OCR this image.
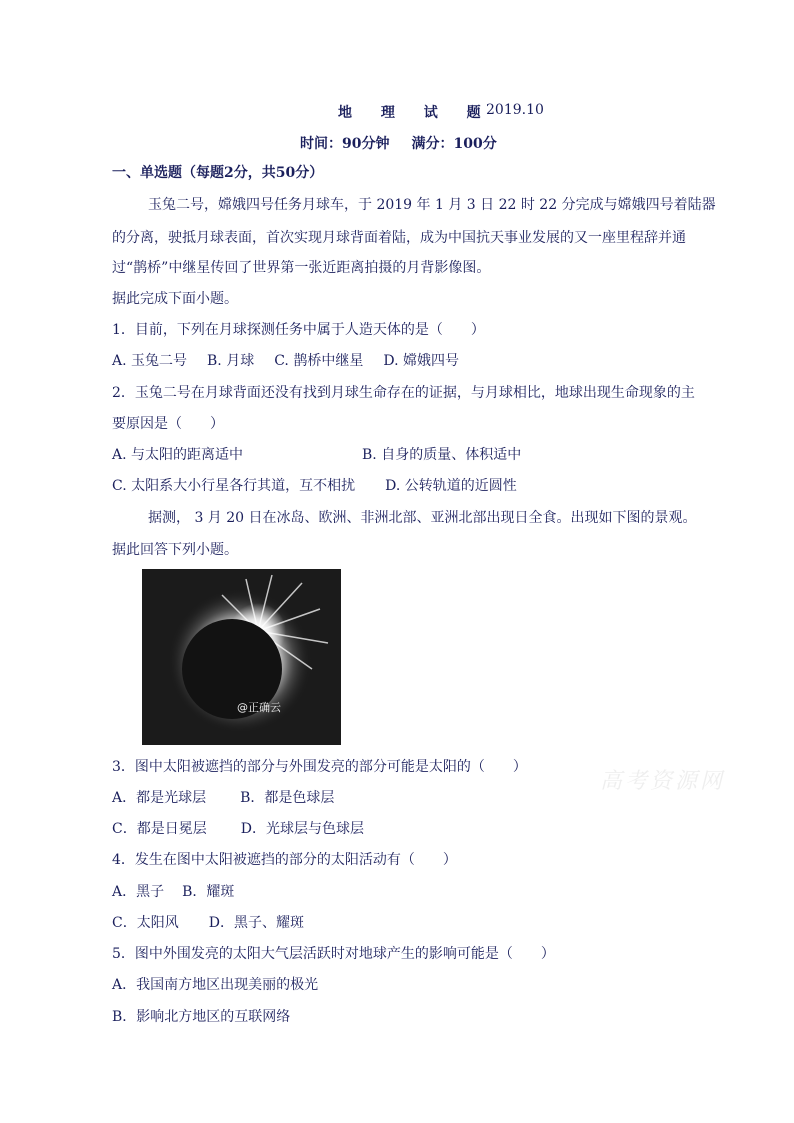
地 理 试 题
2019.10
时间：90分钟 满分：100分
一、单选题（每题2分，共50分）
玉兔二号，嫦娥四号任务月球车，于 2019 年 1 月 3 日 22 时 22 分完成与嫦娥四号着陆器
的分离，驶抵月球表面，首次实现月球背面着陆，成为中国抗天事业发展的又一座里程辞并通
过“鹊桥”中继星传回了世界第一张近距离拍摄的月背影像图。
据此完成下面小题。
1．目前，下列在月球探测任务中属于人造天体的是（　　）
A. 玉兔二号 B. 月球 C. 鹊桥中继星 D. 嫦娥四号
2．玉兔二号在月球背面还没有找到月球生命存在的证据，与月球相比，地球出现生命现象的主
要原因是（　　）
A. 与太阳的距离适中	B. 自身的质量、体积适中
C. 太阳系大小行星各行其道，互不相扰 D. 公转轨道的近圆性
据测， 3 月 20 日在冰岛、欧洲、非洲北部、亚洲北部出现日全食。出现如下图的景观。
据此回答下列小题。
@正确云
高考资源网
3．图中太阳被遮挡的部分与外围发亮的部分可能是太阳的（　　）
A．都是光球层 B．都是色球层
C．都是日冕层 D．光球层与色球层
4．发生在图中太阳被遮挡的部分的太阳活动有（　　）
A．黑子 B．耀斑
C．太阳风 D．黑子、耀斑
5．图中外围发亮的太阳大气层活跃时对地球产生的影响可能是（　　）
A．我国南方地区出现美丽的极光
B．影响北方地区的互联网络
